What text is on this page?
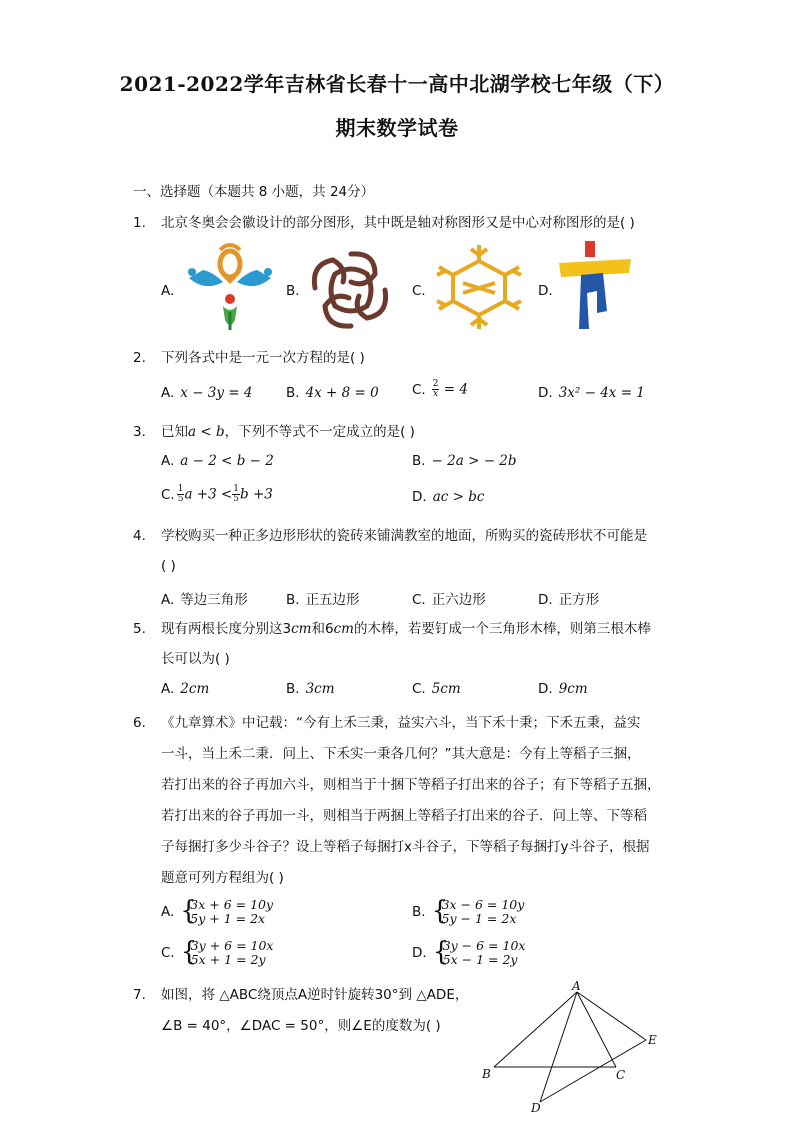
2021-2022学年吉林省长春十一高中北湖学校七年级（下）
期末数学试卷
一、选择题（本题共 8 小题，共 24分）
1. 北京冬奥会会徽设计的部分图形，其中既是轴对称图形又是中心对称图形的是( )
A.	B.	C.	D.
2. 下列各式中是一元一次方程的是( )
A. x − 3y = 4 B. 4x + 8 = 0 C. $\frac{2}{x} = 4$	D. 3x² − 4x = 1
3. 已知a < b，下列不等式不一定成立的是( )
A. a − 2 < b − 2	B. − 2a > − 2b
C. $\frac{1}{5}$ $a +3 < \frac{1}{5}$ b +3	D. ac > bc
4. 学校购买一种正多边形形状的瓷砖来铺满教室的地面，所购买的瓷砖形状不可能是
( )
A. 等边三角形	B. 正五边形	C. 正六边形	D. 正方形
5. 现有两根长度分别这3cm和6cm的木棒，若要钉成一个三角形木棒，则第三根木棒
长可以为( )
A. 2cm	B. 3cm	C. 5cm	D. 9cm
6. 《九章算术》中记载：“今有上禾三秉，益实六斗，当下禾十秉；下禾五秉，益实
一斗，当上禾二秉．问上、下禾实一秉各几何？”其大意是：今有上等稻子三捆，
若打出来的谷子再加六斗，则相当于十捆下等稻子打出来的谷子；有下等稻子五捆，
若打出来的谷子再加一斗，则相当于两捆上等稻子打出来的谷子．问上等、下等稻
子每捆打多少斗谷子？设上等稻子每捆打x斗谷子，下等稻子每捆打y斗谷子，根据
题意可列方程组为( )
A. {
3x + 6 = 10y
5y + 1 = 2x	B. {
3x − 6 = 10y
5y − 1 = 2x
C. {
3y + 6 = 10x
5x + 1 = 2y	D. {
3y − 6 = 10x
5x − 1 = 2y
7. 如图，将 △ABC绕顶点A逆时针旋转30°到 △ADE，
∠B = 40°，∠DAC = 50°，则∠E的度数为( )
A
B	C
D
E
